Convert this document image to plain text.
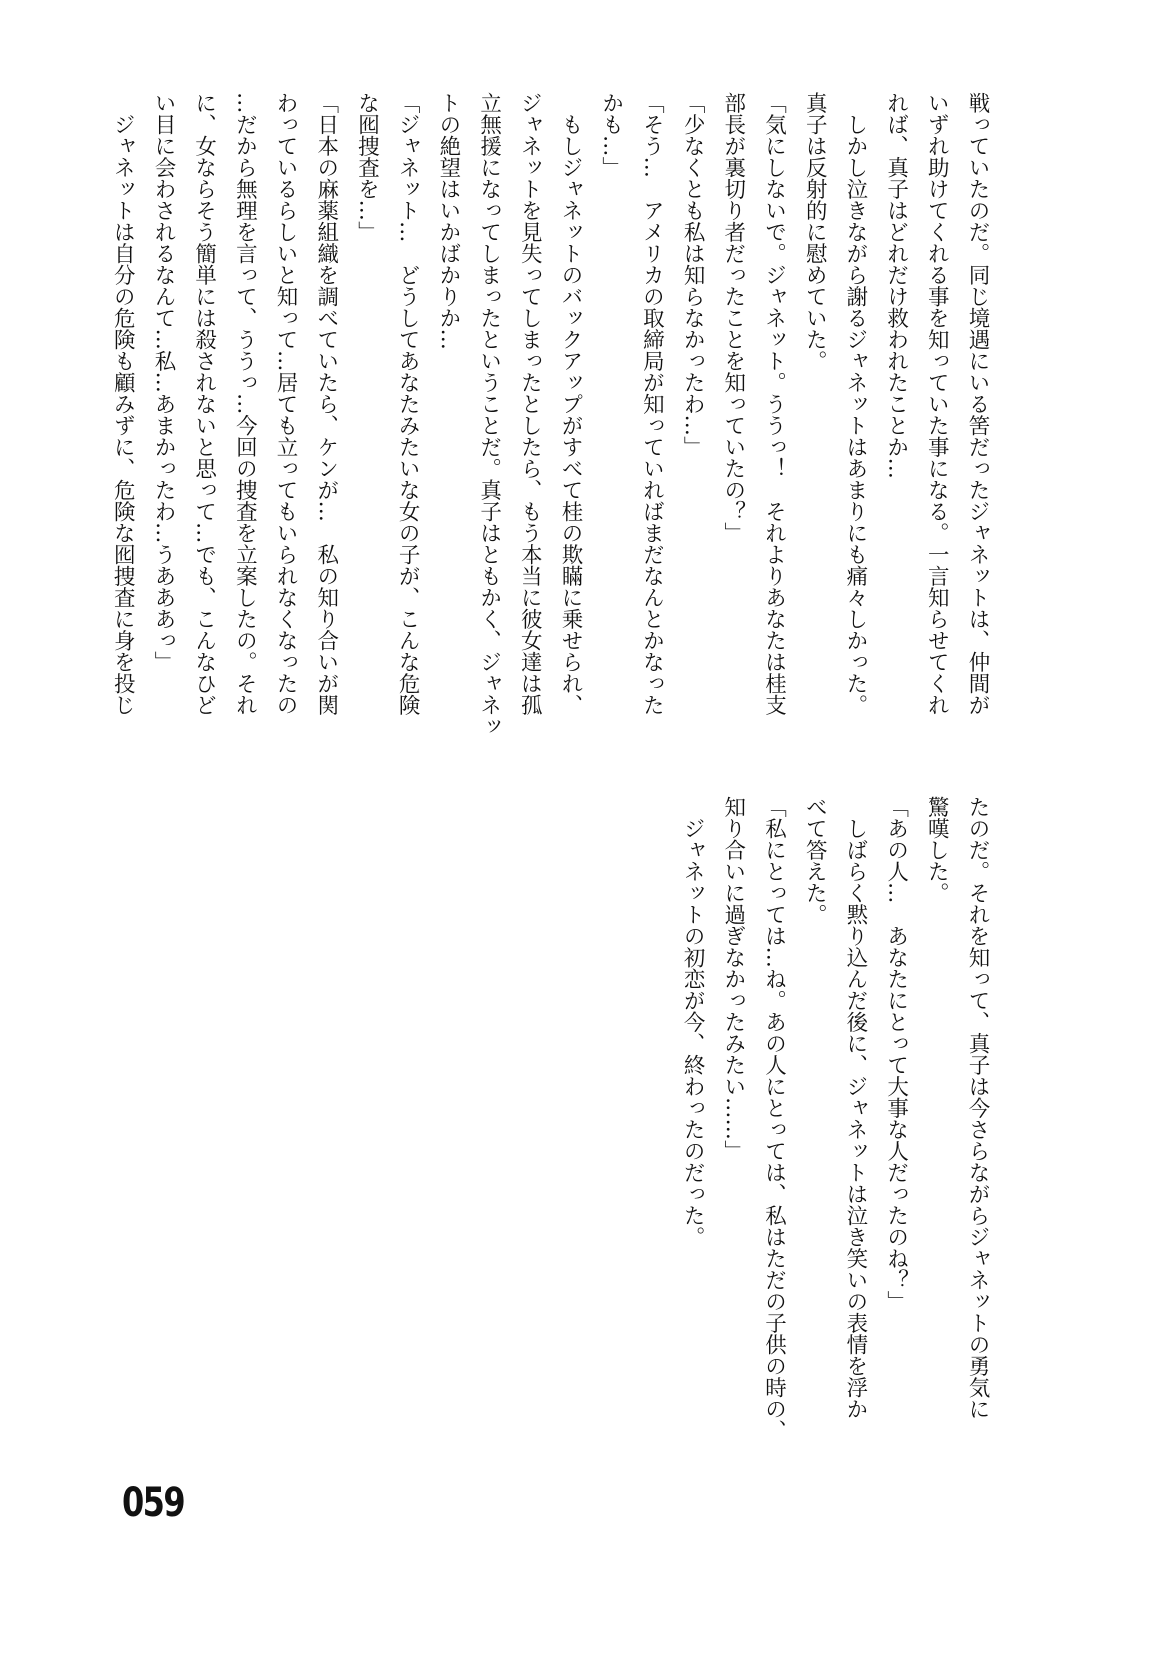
戦っていたのだ。同じ境遇にいる筈だったジャネットは、仲間が
いずれ助けてくれる事を知っていた事になる。一言知らせてくれ
れば、真子はどれだけ救われたことか…
　しかし泣きながら謝るジャネットはあまりにも痛々しかった。
真子は反射的に慰めていた。
「気にしないで。ジャネット。ううっ！　それよりあなたは桂支
部長が裏切り者だったことを知っていたの？」
「少なくとも私は知らなかったわ…」
「そう…　アメリカの取締局が知っていればまだなんとかなった
かも…」
　もしジャネットのバックアップがすべて桂の欺瞞に乗せられ、
ジャネットを見失ってしまったとしたら、もう本当に彼女達は孤
立無援になってしまったということだ。真子はともかく、ジャネッ
トの絶望はいかばかりか…
「ジャネット…　どうしてあなたみたいな女の子が、こんな危険
な囮捜査を…」
「日本の麻薬組織を調べていたら、ケンが…　私の知り合いが関
わっているらしいと知って…居ても立ってもいられなくなったの
…だから無理を言って、ううっ…今回の捜査を立案したの。それ
に、女ならそう簡単には殺されないと思って…でも、こんなひど
い目に会わされるなんて…私…あまかったわ…うあああっ」
　ジャネットは自分の危険も顧みずに、危険な囮捜査に身を投じ
たのだ。それを知って、真子は今さらながらジャネットの勇気に
驚嘆した。
「あの人…　あなたにとって大事な人だったのね？」
　しばらく黙り込んだ後に、ジャネットは泣き笑いの表情を浮か
べて答えた。
「私にとっては…ね。あの人にとっては、私はただの子供の時の、
知り合いに過ぎなかったみたい……」
　ジャネットの初恋が今、終わったのだった。
059
